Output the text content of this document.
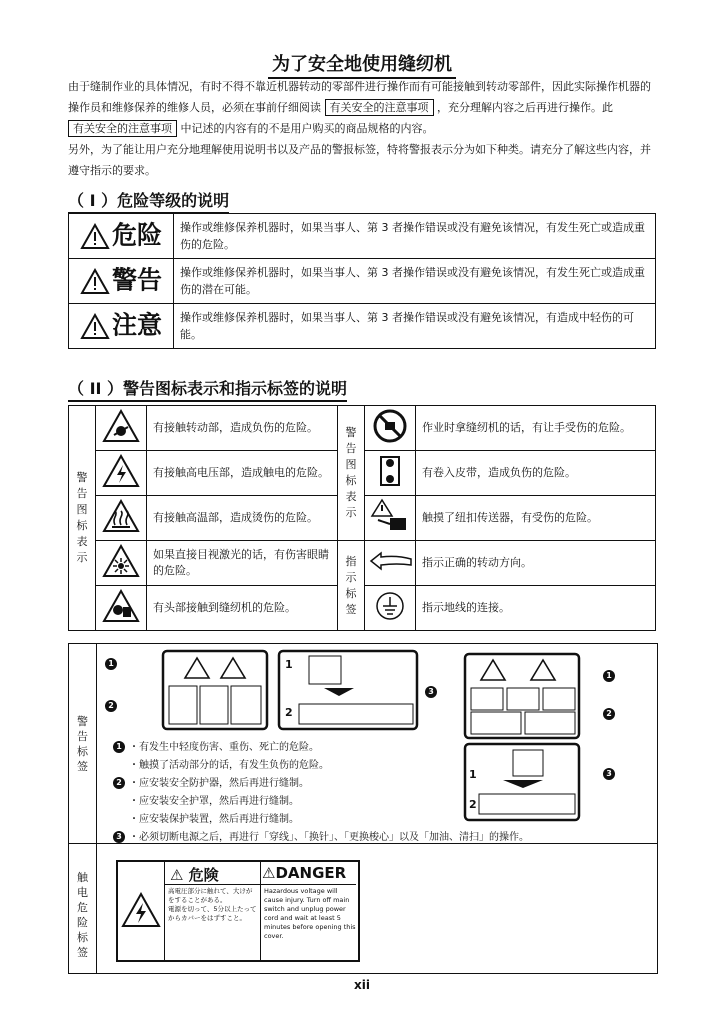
为了安全地使用缝纫机
由于缝制作业的具体情况，有时不得不靠近机器转动的零部件进行操作而有可能接触到转动零部件，因此实际操作机器的操作员和维修保养的维修人员，必须在事前仔细阅读 有关安全的注意事项 ，充分理解内容之后再进行操作。此 有关安全的注意事项 中记述的内容有的不是用户购买的商品规格的内容。
另外，为了能让用户充分地理解使用说明书以及产品的警报标签，特将警报表示分为如下种类。请充分了解这些内容，并遵守指示的要求。
（ I ）危险等级的说明
危险	操作或维修保养机器时，如果当事人、第 3 者操作错误或没有避免该情况，有发生死亡或造成重伤的危险。
警告	操作或维修保养机器时，如果当事人、第 3 者操作错误或没有避免该情况，有发生死亡或造成重伤的潜在可能。
注意	操作或维修保养机器时，如果当事人、第 3 者操作错误或没有避免该情况，有造成中轻伤的可能。
（ II ）警告图标表示和指示标签的说明
警告图标表示		有接触转动部，造成负伤的危险。	警告图标表示		作业时拿缝纫机的话，有让手受伤的危险。
	有接触高电压部，造成触电的危险。			有卷入皮带，造成负伤的危险。
	有接触高温部，造成烫伤的危险。			触摸了纽扣传送器，有受伤的危险。
	如果直接目视激光的话，有伤害眼睛的危险。	指示标签		指示正确的转动方向。
	有头部接触到缝纫机的危险。			指示地线的连接。
警告标签
触电危险标签
1
2
1
2
3
1
2
1
2
3
1 ・有发生中轻度伤害、重伤、死亡的危险。
・触摸了活动部分的话，有发生负伤的危险。
2 ・应安装安全防护器，然后再进行缝制。
・应安装安全护罩，然后再进行缝制。
・应安装保护装置，然后再进行缝制。
3 ・必须切断电源之后，再进行「穿线」、「换针」、「更换梭心」以及「加油、清扫」的操作。
⚠ 危険	⚠DANGER
高電圧部分に触れて、大けがをすることがある。
電源を切って、5分以上たってからカバーをはずすこと。
Hazardous voltage will cause injury. Turn off main switch and unplug power cord and wait at least 5 minutes before opening this cover.
xii
